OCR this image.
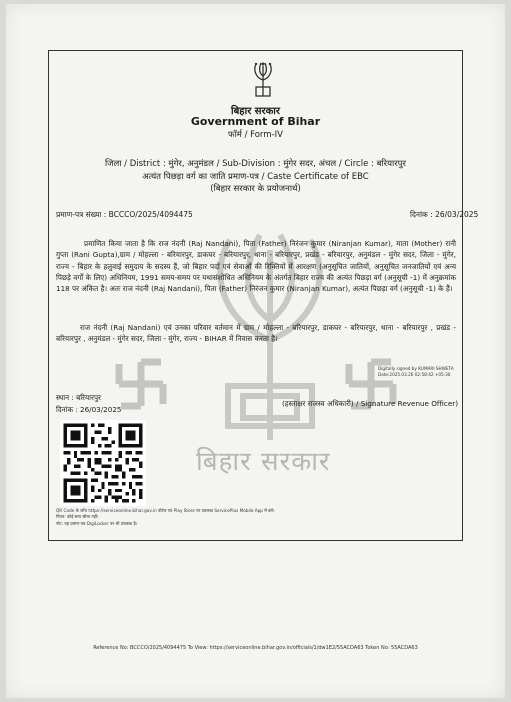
बिहार सरकार
बिहार सरकार
Government of Bihar
फॉर्म / Form-IV
जिला / District : मुंगेर, अनुमंडल / Sub-Division : मुंगेर सदर, अंचल / Circle : बरियारपुर
अत्यंत पिछड़ा वर्ग का जाति प्रमाण-पत्र / Caste Certificate of EBC
(बिहार सरकार के प्रयोजनार्थ)
प्रमाण-पत्र संख्या : BCCCO/2025/4094475	दिनांक : 26/03/2025
प्रमाणित किया जाता है कि राज नंदनी (Raj Nandani), पिता (Father) निरंजन कुमार (Niranjan Kumar), माता (Mother) रानी गुप्ता (Rani Gupta),ग्राम / मोहल्ला - बरियारपुर, डाकघर - बरियारपुर, थाना - बरियारपुर, प्रखंड - बरियारपुर, अनुमंडल - मुंगेर सदर, जिला - मुंगेर, राज्य - बिहार के हलुवाई समुदाय के सदस्य हैं, जो बिहार पदों एवं सेवाओं की रिक्तियों में आरक्षण (अनुसूचित जातियों, अनुसूचित जनजातियों एवं अन्य पिछड़े वर्गों के लिए) अधिनियम, 1991 समय-समय पर यथासंशोधित अधिनियम के अंतर्गत बिहार राज्य की अत्यंत पिछड़ा वर्ग (अनुसूची -1) में अनुक्रमांक 118 पर अंकित है। अतः राज नंदनी (Raj Nandani), पिता (Father) निरंजन कुमार (Niranjan Kumar), अत्यंत पिछड़ा वर्ग (अनुसूची -1) के हैं।
राज नंदनी (Raj Nandani) एवं उनका परिवार वर्तमान में ग्राम / मोहल्ला - बरियारपुर, डाकघर - बरियारपुर, थाना - बरियारपुर , प्रखंड - बरियारपुर , अनुमंडल - मुंगेर सदर, जिला - मुंगेर, राज्य - BIHAR में निवास करता है।
Digitally signed by KUMARI SHWETA
Date:2025.03.26 02:58:42 +05:30
स्थान : बरियारपुर
दिनांक : 26/03/2025
(हस्ताक्षर राजस्व अधिकारी) / Signature Revenue Officer)
QR Code के जाँच https://serviceonline.bihar.gov.in पोर्टल एवं Play Store पर उपलब्ध ServicePlus Mobile App में करें।
नियत: कोई सत्य सीमा नहीं।
नोट: यह प्रमाण-पत्र DigiLocker पर भी उपलब्ध है।
Reference No: BCCCO/2025/4094475 To View: https://serviceonline.bihar.gov.in/officials/1/dw1E2/55ACDA63 Token No: 55ACDA63
